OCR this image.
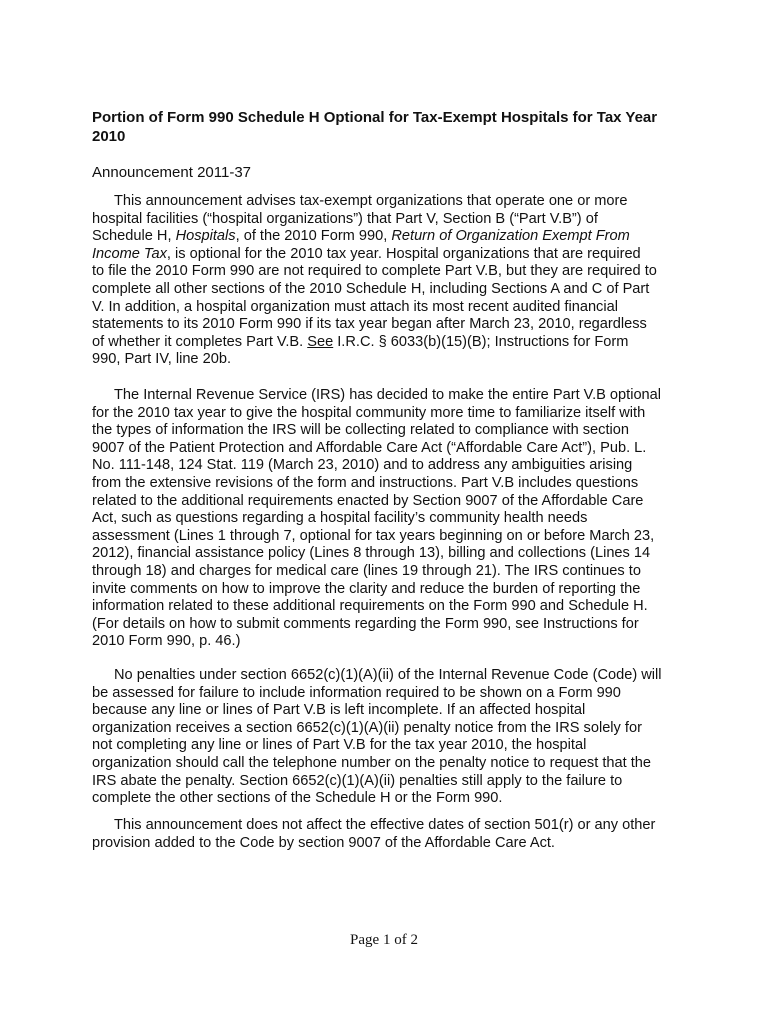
Portion of Form 990 Schedule H Optional for Tax-Exempt Hospitals for Tax Year 2010

Announcement 2011-37

This announcement advises tax-exempt organizations that operate one or more
hospital facilities (“hospital organizations”) that Part V, Section B (“Part V.B”) of
Schedule H, Hospitals, of the 2010 Form 990, Return of Organization Exempt From
Income Tax, is optional for the 2010 tax year. Hospital organizations that are required
to file the 2010 Form 990 are not required to complete Part V.B, but they are required to
complete all other sections of the 2010 Schedule H, including Sections A and C of Part
V. In addition, a hospital organization must attach its most recent audited financial
statements to its 2010 Form 990 if its tax year began after March 23, 2010, regardless
of whether it completes Part V.B. See I.R.C. § 6033(b)(15)(B); Instructions for Form
990, Part IV, line 20b.

The Internal Revenue Service (IRS) has decided to make the entire Part V.B optional
for the 2010 tax year to give the hospital community more time to familiarize itself with
the types of information the IRS will be collecting related to compliance with section
9007 of the Patient Protection and Affordable Care Act (“Affordable Care Act”), Pub. L.
No. 111-148, 124 Stat. 119 (March 23, 2010) and to address any ambiguities arising
from the extensive revisions of the form and instructions. Part V.B includes questions
related to the additional requirements enacted by Section 9007 of the Affordable Care
Act, such as questions regarding a hospital facility’s community health needs
assessment (Lines 1 through 7, optional for tax years beginning on or before March 23,
2012), financial assistance policy (Lines 8 through 13), billing and collections (Lines 14
through 18) and charges for medical care (lines 19 through 21). The IRS continues to
invite comments on how to improve the clarity and reduce the burden of reporting the
information related to these additional requirements on the Form 990 and Schedule H.
(For details on how to submit comments regarding the Form 990, see Instructions for
2010 Form 990, p. 46.)

No penalties under section 6652(c)(1)(A)(ii) of the Internal Revenue Code (Code) will
be assessed for failure to include information required to be shown on a Form 990
because any line or lines of Part V.B is left incomplete. If an affected hospital
organization receives a section 6652(c)(1)(A)(ii) penalty notice from the IRS solely for
not completing any line or lines of Part V.B for the tax year 2010, the hospital
organization should call the telephone number on the penalty notice to request that the
IRS abate the penalty. Section 6652(c)(1)(A)(ii) penalties still apply to the failure to
complete the other sections of the Schedule H or the Form 990.

This announcement does not affect the effective dates of section 501(r) or any other
provision added to the Code by section 9007 of the Affordable Care Act.

Page 1 of 2
